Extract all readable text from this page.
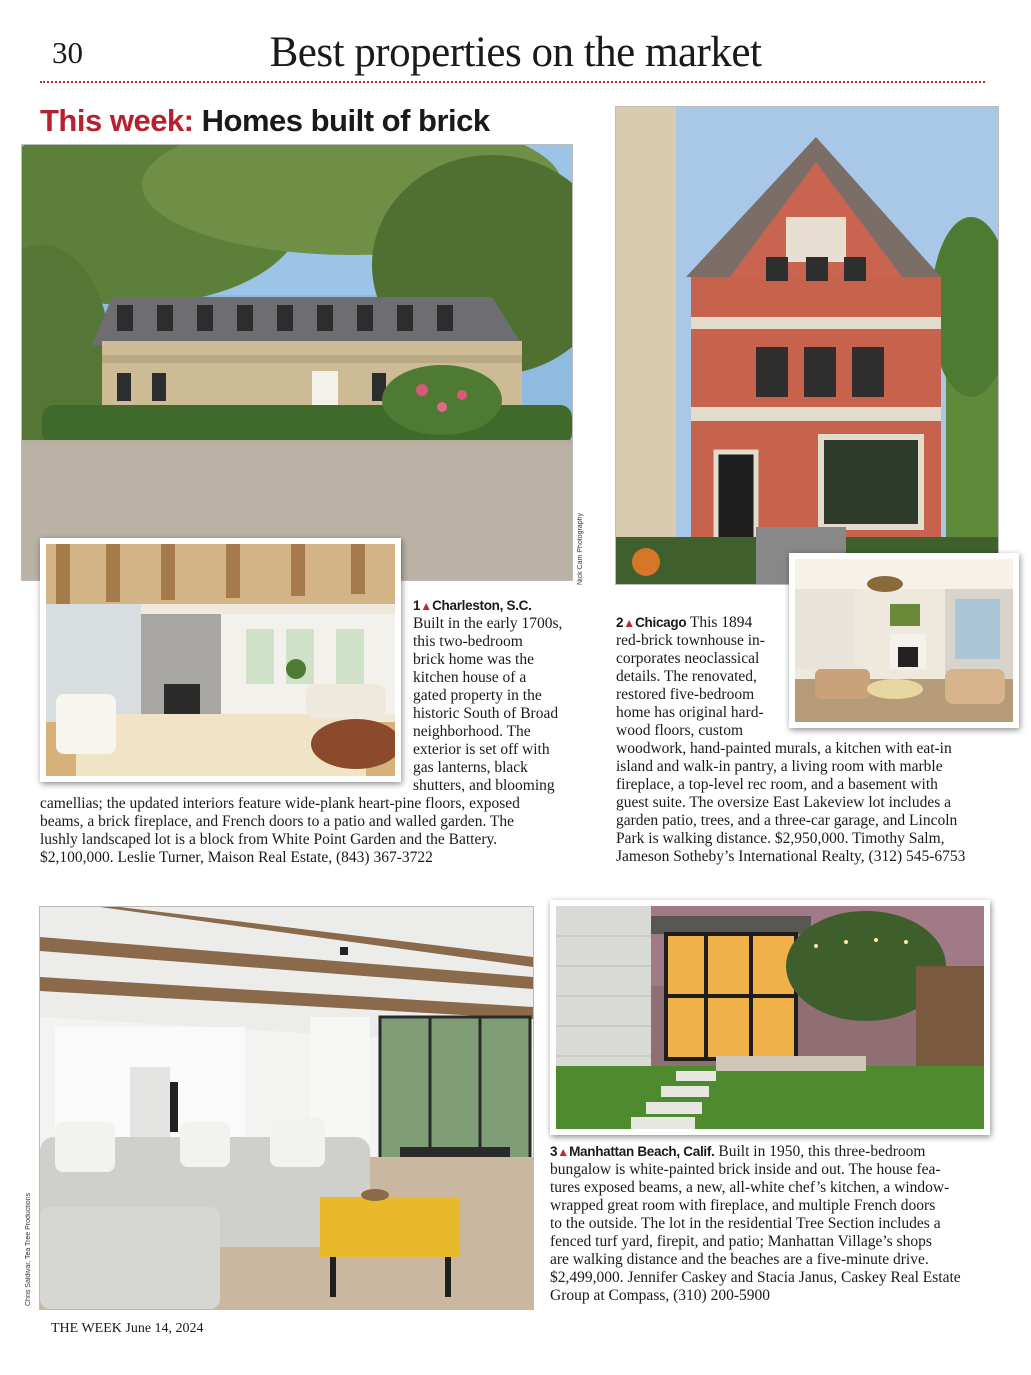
30	Best properties on the market
This week: Homes built of brick
Nick Cam Photography

1▲Charleston, S.C.

Built in the early 1700s,

this two-bedroom

brick home was the

kitchen house of a

gated property in the

historic South of Broad

neighborhood. The

exterior is set off with

gas lanterns, black

shutters, and blooming

camellias; the updated interiors feature wide-plank heart-pine floors, exposed

beams, a brick fireplace, and French doors to a patio and walled garden. The

lushly landscaped lot is a block from White Point Garden and the Battery.

$2,100,000. Leslie Turner, Maison Real Estate, (843) 367-3722

2▲Chicago This 1894

red-brick townhouse in-

corporates neoclassical

details. The renovated,

restored five-bedroom

home has original hard-

wood floors, custom

woodwork, hand-painted murals, a kitchen with eat-in

island and walk-in pantry, a living room with marble

fireplace, a top-level rec room, and a basement with

guest suite. The oversize East Lakeview lot includes a

garden patio, trees, and a three-car garage, and Lincoln

Park is walking distance. $2,950,000. Timothy Salm,

Jameson Sotheby’s International Realty, (312) 545-6753

Chris Saldivar, Tea Tree Productions

3▲Manhattan Beach, Calif. Built in 1950, this three-bedroom

bungalow is white-painted brick inside and out. The house fea-

tures exposed beams, a new, all-white chef’s kitchen, a window-

wrapped great room with fireplace, and multiple French doors

to the outside. The lot in the residential Tree Section includes a

fenced turf yard, firepit, and patio; Manhattan Village’s shops

are walking distance and the beaches are a five-minute drive.

$2,499,000. Jennifer Caskey and Stacia Janus, Caskey Real Estate

Group at Compass, (310) 200-5900

THE WEEK June 14, 2024
